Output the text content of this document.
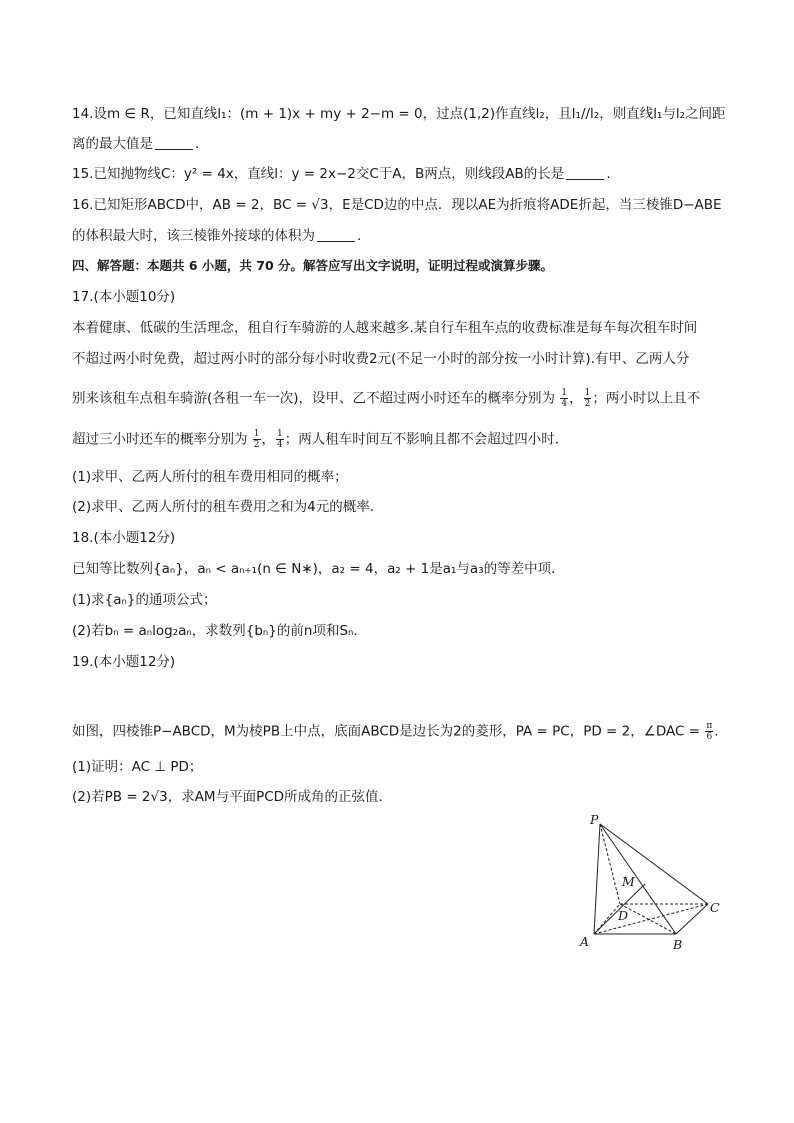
14.设m ∈ R，已知直线l₁：(m + 1)x + my + 2−m = 0，过点(1,2)作直线l₂，且l₁//l₂，则直线l₁与l₂之间距
离的最大值是	.
15.已知抛物线C：y² = 4x，直线l：y = 2x−2交C于A，B两点，则线段AB的长是	.
16.已知矩形ABCD中，AB = 2，BC = √3，E是CD边的中点．现以AE为折痕将ADE折起，当三棱锥D−ABE
的体积最大时，该三棱锥外接球的体积为	.
四、解答题：本题共 6 小题，共 70 分。解答应写出文字说明，证明过程或演算步骤。
17.(本小题10分)
本着健康、低碳的生活理念，租自行车骑游的人越来越多.某自行车租车点的收费标准是每车每次租车时间
不超过两小时免费，超过两小时的部分每小时收费2元(不足一小时的部分按一小时计算).有甲、乙两人分
别来该租车点租车骑游(各租一车一次)，设甲、乙不超过两小时还车的概率分别为 $\frac{1}{4}$ ， $\frac{1}{2}$ ；两小时以上且不
超过三小时还车的概率分别为 $\frac{1}{2}$ ， $\frac{1}{4}$ ；两人租车时间互不影响且都不会超过四小时．
(1)求甲、乙两人所付的租车费用相同的概率；
(2)求甲、乙两人所付的租车费用之和为4元的概率．
18.(本小题12分)
已知等比数列{aₙ}，aₙ < aₙ₊₁(n ∈ N∗)，a₂ = 4，a₂ + 1是a₁与a₃的等差中项．
(1)求{aₙ}的通项公式；
(2)若bₙ = aₙlog₂aₙ，求数列{bₙ}的前n项和Sₙ．
19.(本小题12分)
如图，四棱锥P−ABCD，M为棱PB上中点，底面ABCD是边长为2的菱形，PA = PC，PD = 2，∠DAC = $\frac{\pi}{6}$ .
(1)证明：AC ⊥ PD；
(2)若PB = 2√3，求AM与平面PCD所成角的正弦值．
P
M
D
C
A	B
